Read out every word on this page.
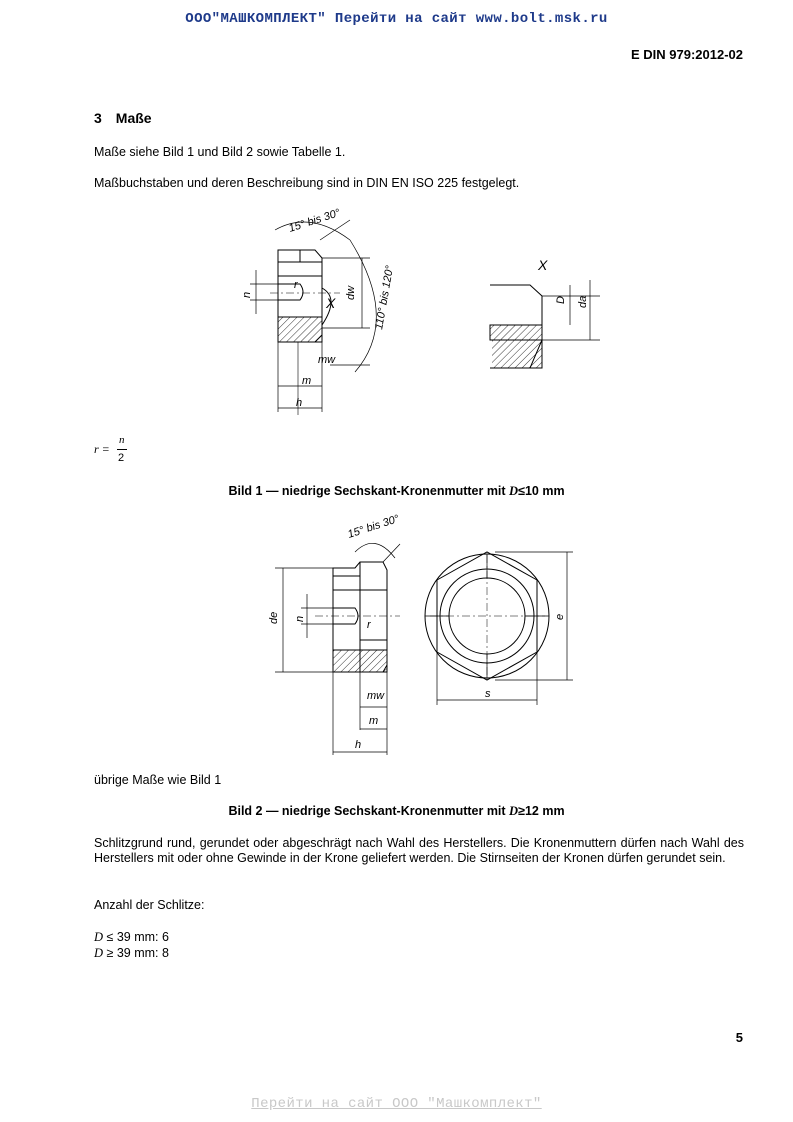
ООО"МАШКОМПЛЕКТ" Перейти на сайт www.bolt.msk.ru
E DIN 979:2012-02
3 Maße
Maße siehe Bild 1 und Bild 2 sowie Tabelle 1.
Maßbuchstaben und deren Beschreibung sind in DIN EN ISO 225 festgelegt.
15° bis 30°
110° bis 120°
X
n
r
dw
mw
m
h
X
D da
r =
n
2
Bild 1 — niedrige Sechskant-Kronenmutter mit D≤10 mm
15° bis 30°
de n
r
mw
m
h
e
s
übrige Maße wie Bild 1
Bild 2 — niedrige Sechskant-Kronenmutter mit D≥12 mm
Schlitzgrund rund, gerundet oder abgeschrägt nach Wahl des Herstellers. Die Kronenmuttern dürfen nach Wahl des Herstellers mit oder ohne Gewinde in der Krone geliefert werden. Die Stirnseiten der Kronen dürfen gerundet sein.
Anzahl der Schlitze:
D ≤ 39 mm: 6
D ≥ 39 mm: 8
5
Перейти на сайт ООО "Машкомплект"
